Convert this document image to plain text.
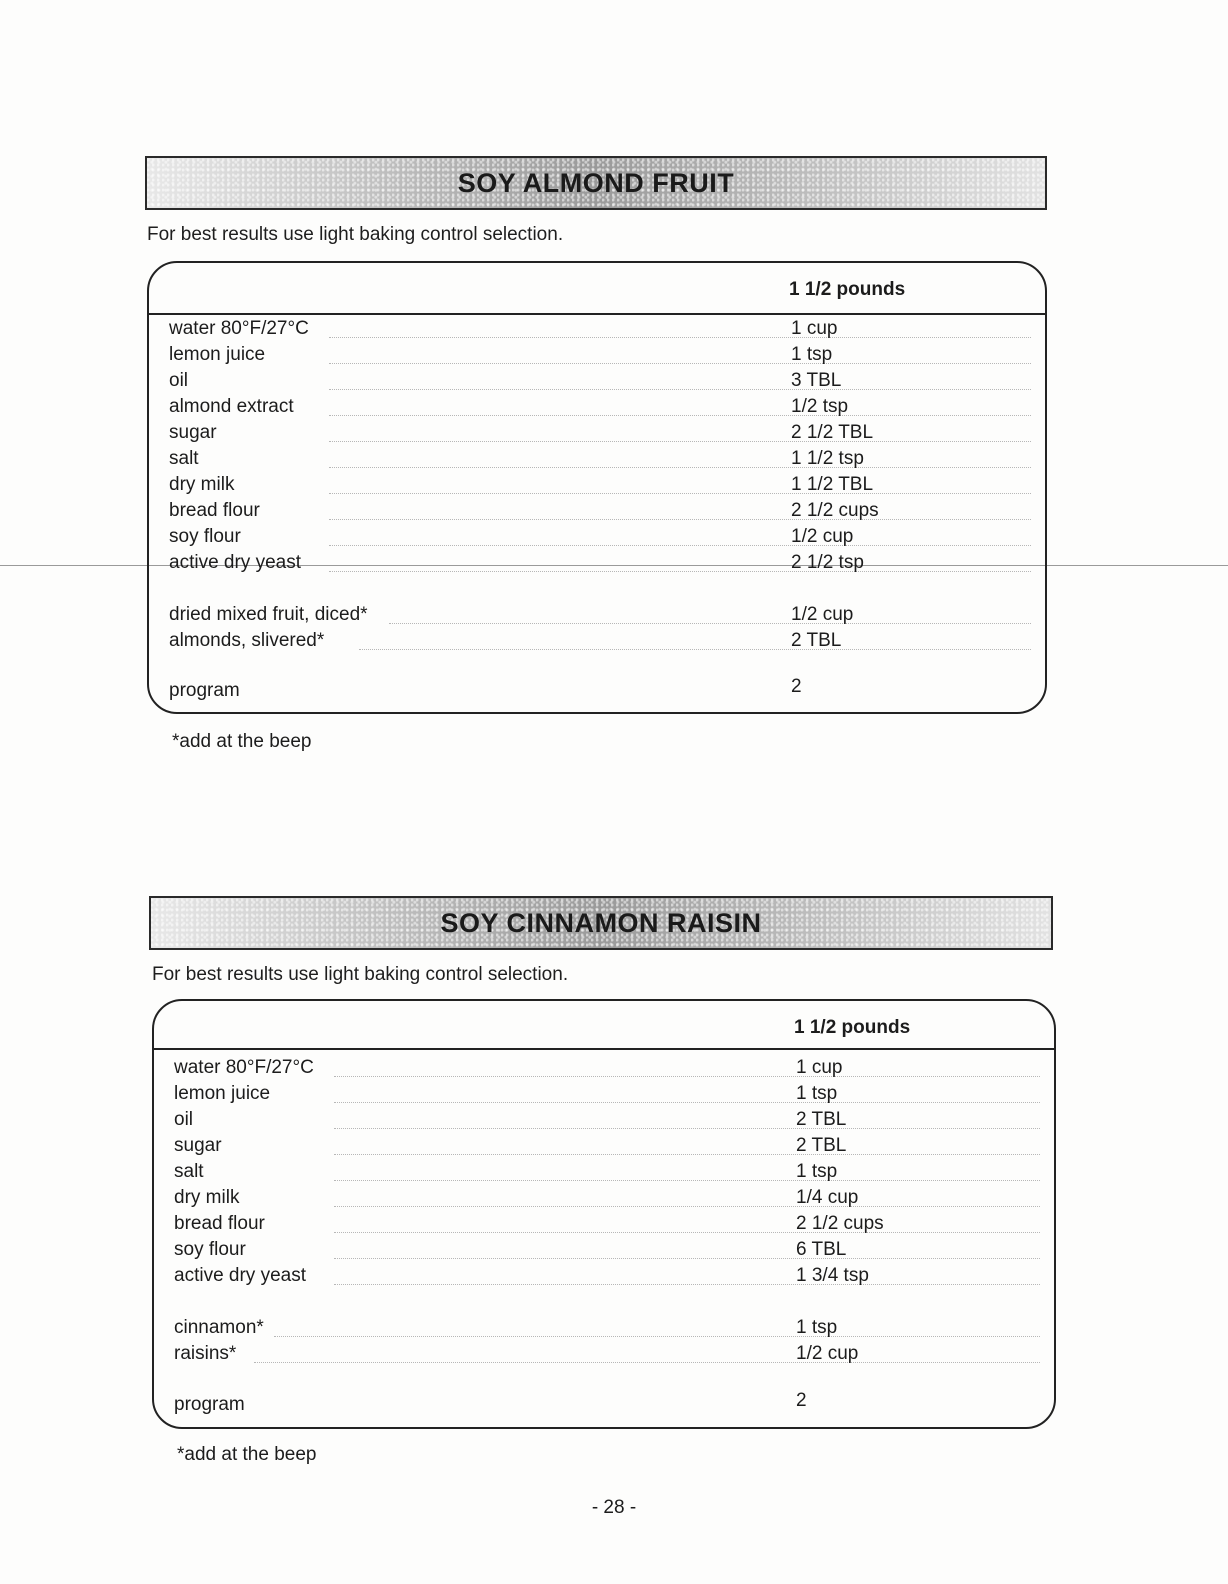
SOY ALMOND FRUIT
For best results use light baking control selection.
1 1/2 pounds
water 80°F/27°C	1 cup
lemon juice	1 tsp
oil	3 TBL
almond extract	1/2 tsp
sugar	2 1/2 TBL
salt	1 1/2 tsp
dry milk	1 1/2 TBL
bread flour	2 1/2 cups
soy flour	1/2 cup
active dry yeast	2 1/2 tsp
dried mixed fruit, diced*	1/2 cup
almonds, slivered*	2 TBL
program	2
*add at the beep
SOY CINNAMON RAISIN
For best results use light baking control selection.
1 1/2 pounds
water 80°F/27°C	1 cup
lemon juice	1 tsp
oil	2 TBL
sugar	2 TBL
salt	1 tsp
dry milk	1/4 cup
bread flour	2 1/2 cups
soy flour	6 TBL
active dry yeast	1 3/4 tsp
cinnamon*	1 tsp
raisins*	1/2 cup
program	2
*add at the beep
- 28 -
